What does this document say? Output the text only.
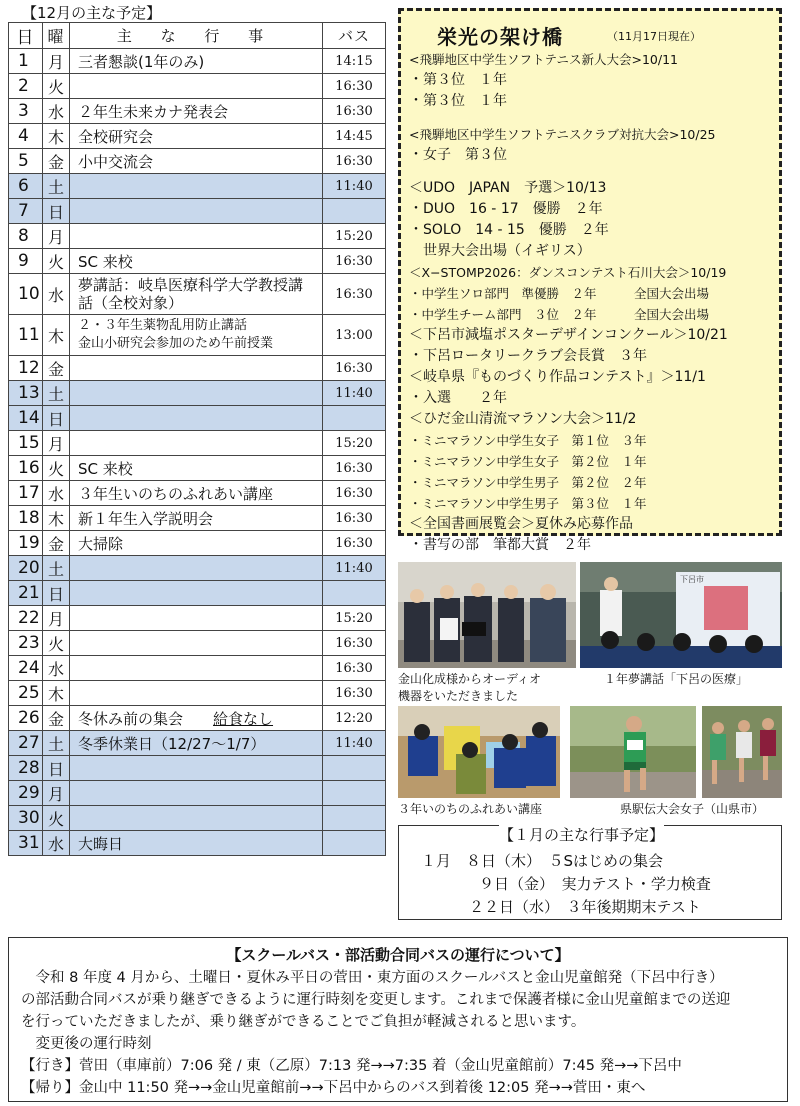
【12月の主な予定】
日	曜	主 な 行 事	バス
1	月	三者懇談(1年のみ)	14:15
2	火		16:30
3	水	２年生未来カナ発表会	16:30
4	木	全校研究会	14:45
5	金	小中交流会	16:30
6	土		11:40
7	日		
8	月		15:20
9	火	SC 来校	16:30
10	水	夢講話：岐阜医療科学大学教授講
話（全校対象）	16:30
11	木	２・３年生薬物乱用防止講話
金山小研究会参加のため午前授業	13:00
12	金		16:30
13	土		11:40
14	日		
15	月		15:20
16	火	SC 来校	16:30
17	水	３年生いのちのふれあい講座	16:30
18	木	新１年生入学説明会	16:30
19	金	大掃除	16:30
20	土		11:40
21	日		
22	月		15:20
23	火		16:30
24	水		16:30
25	木		16:30
26	金	冬休み前の集会 給食なし	12:20
27	土	冬季休業日（12/27〜1/7）	11:40
28	日		
29	月		
30	火		
31	水	大晦日	
栄光の架け橋	（11月17日現在）
<飛騨地区中学生ソフトテニス新人大会>10/11
・第３位　１年
・第３位　１年
<飛騨地区中学生ソフトテニスクラブ対抗大会>10/25
・女子　第３位
＜UDO　JAPAN　予選＞10/13
・DUO　16 - 17　優勝　２年
・SOLO　14 - 15　優勝　２年
　世界大会出場（イギリス）
＜X−STOMP2026：ダンスコンテスト石川大会＞10/19
・中学生ソロ部門　準優勝　２年　　　全国大会出場
・中学生チーム部門　３位　２年　　　全国大会出場
＜下呂市減塩ポスターデザインコンクール＞10/21
・下呂ロータリークラブ会長賞　３年
＜岐阜県『ものづくり作品コンテスト』＞11/1
・入選　　２年
＜ひだ金山清流マラソン大会＞11/2
・ミニマラソン中学生女子　第１位　３年
・ミニマラソン中学生女子　第２位　１年
・ミニマラソン中学生男子　第２位　２年
・ミニマラソン中学生男子　第３位　１年
＜全国書画展覧会＞夏休み応募作品
・書写の部　筆都大賞　２年
金山化成様からオーディオ
機器をいただきました
下呂市
１年夢講話「下呂の医療」
３年いのちのふれあい講座	県駅伝大会女子（山県市）
【１月の主な行事予定】
１月　８日（木）　５Sはじめの集会
９日（金）　実力テスト・学力検査
２２日（水）　３年後期期末テスト
【スクールバス・部活動合同バスの運行について】
　令和 8 年度 4 月から、土曜日・夏休み平日の菅田・東方面のスクールバスと金山児童館発（下呂中行き）
の部活動合同バスが乗り継ぎできるように運行時刻を変更します。これまで保護者様に金山児童館までの送迎
を行っていただきましたが、乗り継ぎができることでご負担が軽減されると思います。
　変更後の運行時刻
【行き】菅田（車庫前）7:06 発 / 東（乙原）7:13 発→→7:35 着（金山児童館前）7:45 発→→下呂中
【帰り】金山中 11:50 発→→金山児童館前→→下呂中からのバス到着後 12:05 発→→菅田・東へ
